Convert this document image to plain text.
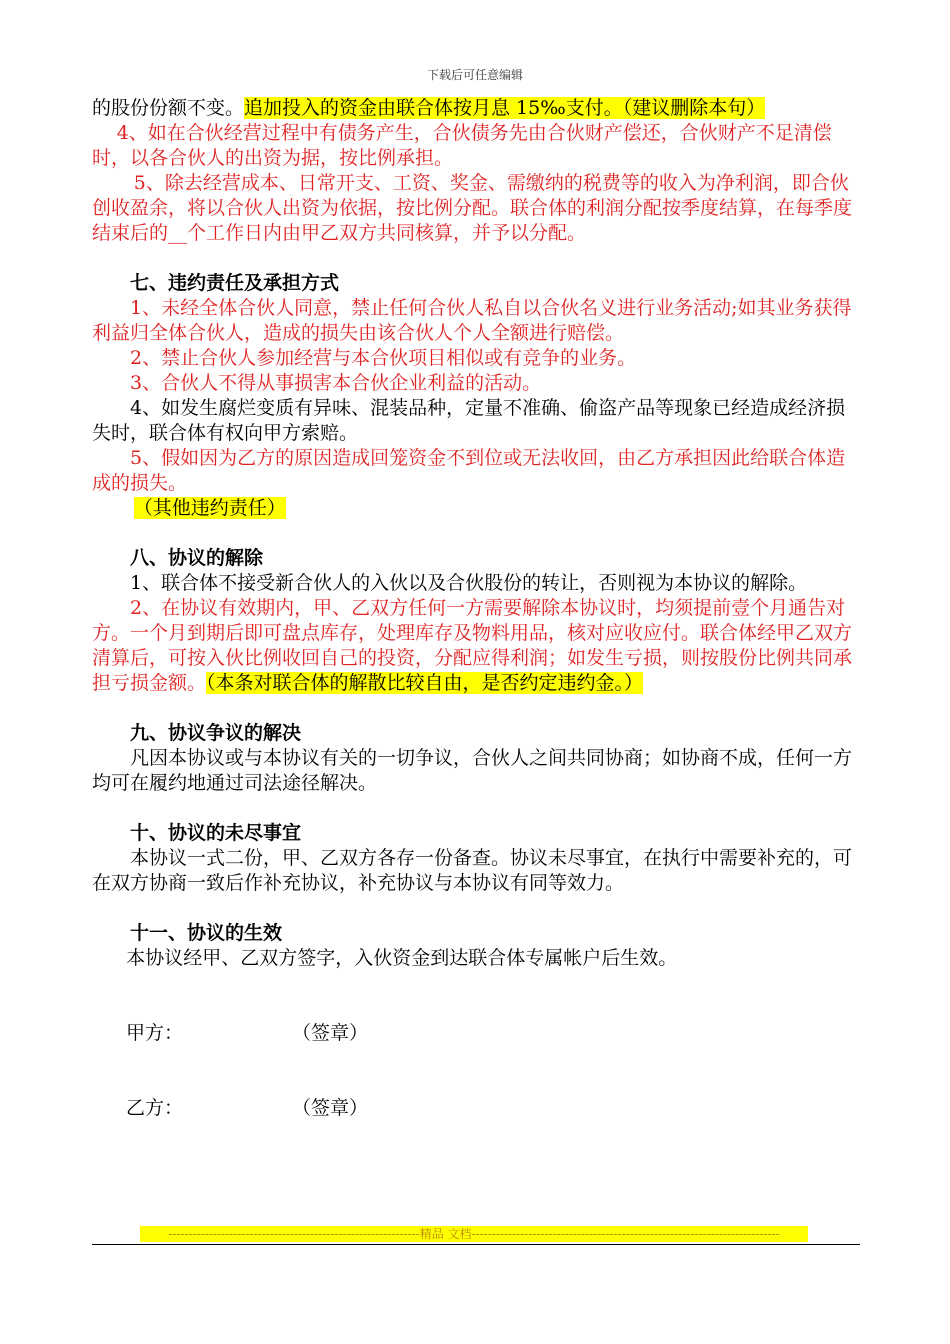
下载后可任意编辑

的股份份额不变。追加投入的资金由联合体按月息 15‰支付。（建议删除本句）

4、如在合伙经营过程中有债务产生，合伙债务先由合伙财产偿还，合伙财产不足清偿时，以各合伙人的出资为据，按比例承担。

5、除去经营成本、日常开支、工资、奖金、需缴纳的税费等的收入为净利润，即合伙创收盈余，将以合伙人出资为依据，按比例分配。联合体的利润分配按季度结算，在每季度结束后的__个工作日内由甲乙双方共同核算，并予以分配。

七、违约责任及承担方式

1、未经全体合伙人同意，禁止任何合伙人私自以合伙名义进行业务活动;如其业务获得利益归全体合伙人，造成的损失由该合伙人个人全额进行赔偿。

2、禁止合伙人参加经营与本合伙项目相似或有竞争的业务。

3、合伙人不得从事损害本合伙企业利益的活动。

4、如发生腐烂变质有异味、混装品种，定量不准确、偷盗产品等现象已经造成经济损失时，联合体有权向甲方索赔。

5、假如因为乙方的原因造成回笼资金不到位或无法收回，由乙方承担因此给联合体造成的损失。

（其他违约责任）

八、协议的解除

1、联合体不接受新合伙人的入伙以及合伙股份的转让，否则视为本协议的解除。

2、在协议有效期内，甲、乙双方任何一方需要解除本协议时，均须提前壹个月通告对方。一个月到期后即可盘点库存，处理库存及物料用品，核对应收应付。联合体经甲乙双方清算后，可按入伙比例收回自己的投资，分配应得利润；如发生亏损，则按股份比例共同承担亏损金额。（本条对联合体的解散比较自由，是否约定违约金。）

九、协议争议的解决

凡因本协议或与本协议有关的一切争议，合伙人之间共同协商；如协商不成，任何一方均可在履约地通过司法途径解决。

十、协议的未尽事宜

本协议一式二份，甲、乙双方各存一份备查。协议未尽事宜，在执行中需要补充的，可在双方协商一致后作补充协议，补充协议与本协议有同等效力。

十一、协议的生效

本协议经甲、乙双方签字，入伙资金到达联合体专属帐户后生效。

甲方：	（签章）
乙方：	（签章）
--------------------------------------------------------------精品 文档----------------------------------------------------------------------------
